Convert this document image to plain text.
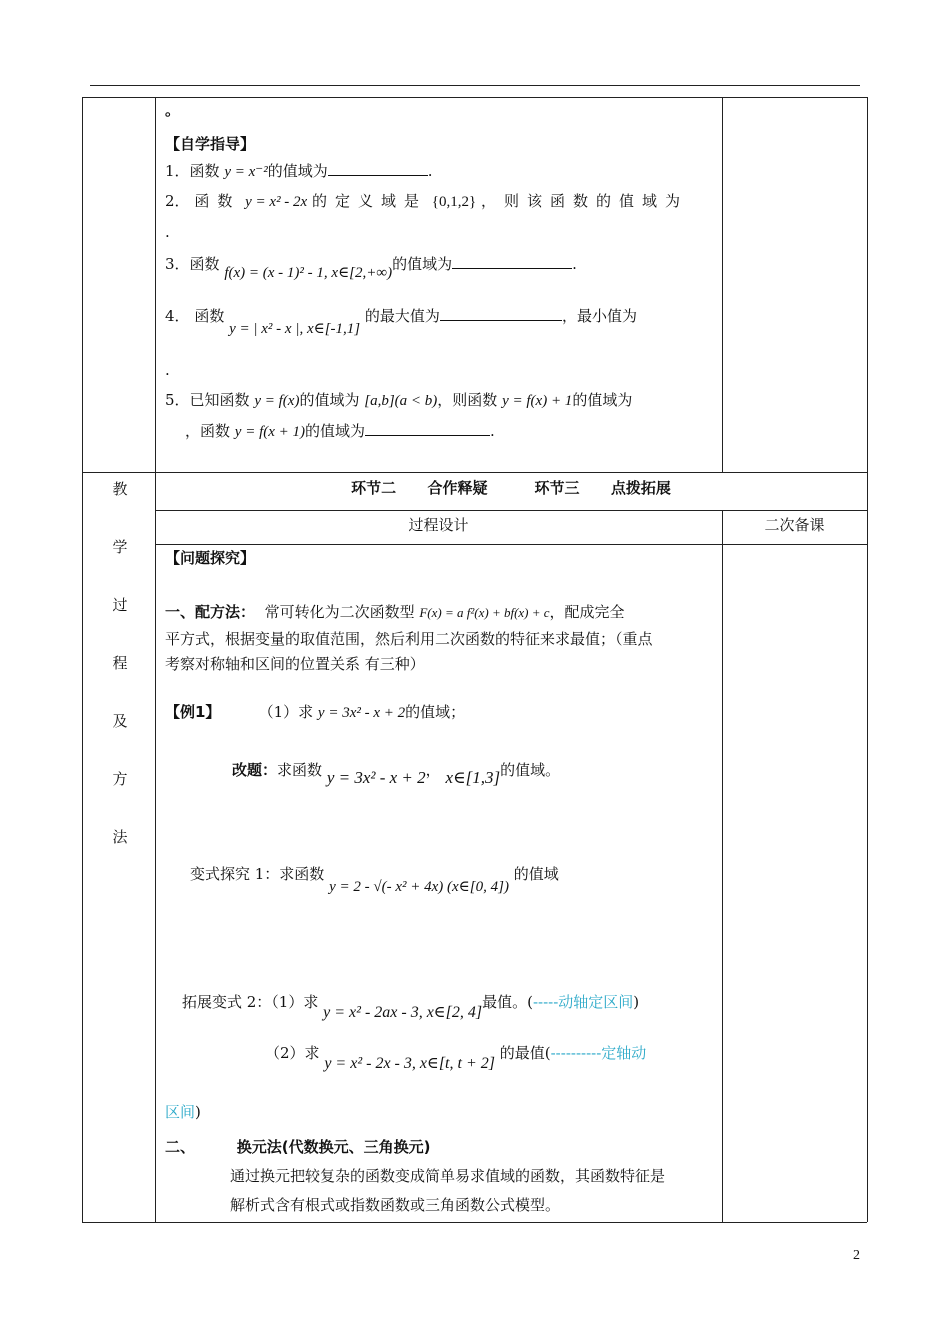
。
【自学指导】
1．函数 y = x⁻²的值域为	.
2． 函数 y = x² - 2x 的定义域是 {0,1,2} ，则该函数的值域为
.
3．函数 f(x) = (x - 1)² - 1, x∈[2,+∞)的值域为	.
4． 函数 y = | x² - x |, x∈[-1,1] 的最大值为	，最小值为
.
5．已知函数 y = f(x)的值域为 [a,b](a < b)，则函数 y = f(x) + 1的值域为
，函数 y = f(x + 1)的值域为	.
教
学
过
程
及
方
法
环节二 合作释疑	环节三 点拨拓展
过程设计	二次备课
【问题探究】
一、配方法： 常可转化为二次函数型 F(x) = a f²(x) + bf(x) + c，配成完全
平方式，根据变量的取值范围，然后利用二次函数的特征来求最值；（重点
考察对称轴和区间的位置关系 有三种）
【例1】	（1）求 y = 3x² - x + 2的值域；
改题：求函数 y = 3x² - x + 2， x∈[1,3]的值域。
变式探究 1：求函数 y = 2 - √(- x² + 4x) (x∈[0, 4]) 的值域
拓展变式 2：（1）求 y = x² - 2ax - 3, x∈[2, 4]最值。(-----动轴定区间)
（2）求 y = x² - 2x - 3, x∈[t, t + 2] 的最值(----------定轴动
区间)
二、	换元法(代数换元、三角换元)
通过换元把较复杂的函数变成简单易求值域的函数，其函数特征是
解析式含有根式或指数函数或三角函数公式模型。
2
